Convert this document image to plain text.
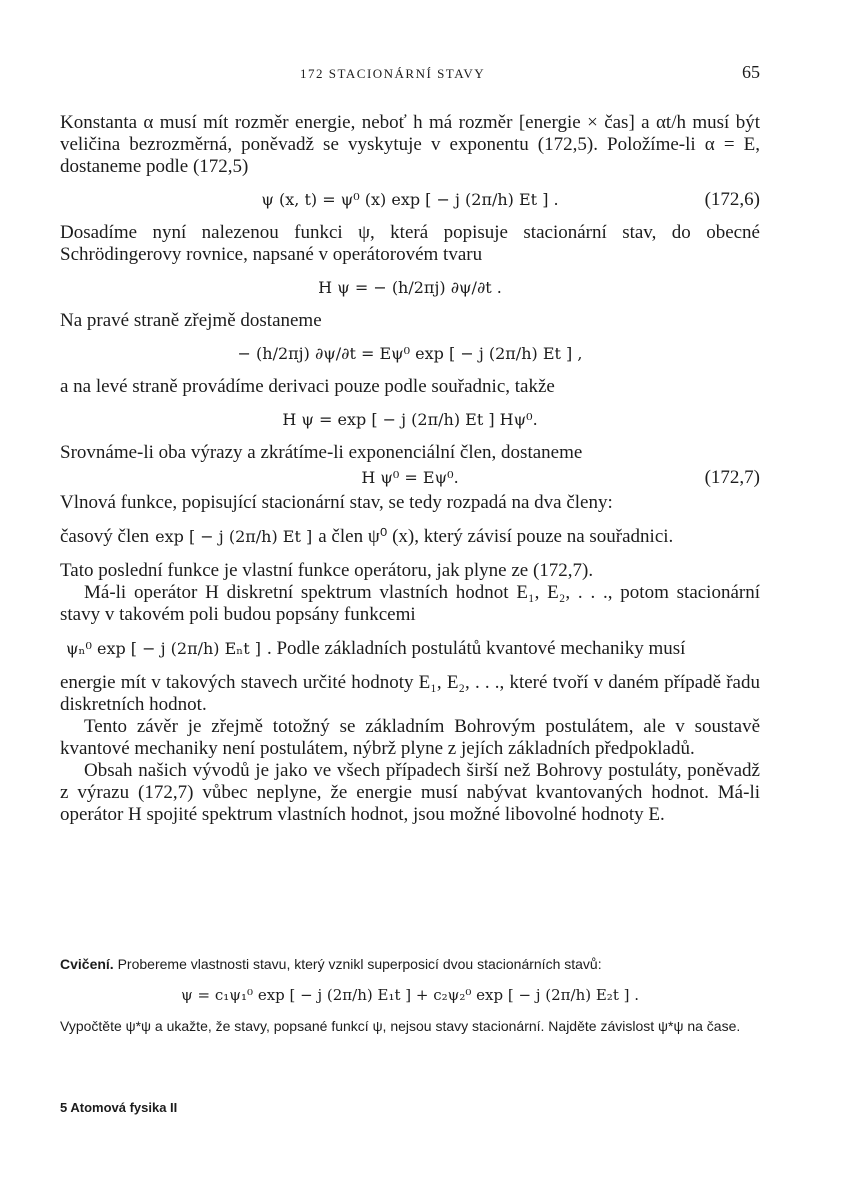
172 STACIONÁRNÍ STAVY	65

Konstanta α musí mít rozměr energie, neboť h má rozměr [energie × čas] a αt/h musí být veličina bezrozměrná, poněvadž se vyskytuje v exponentu (172,5). Položíme-li α = E, dostaneme podle (172,5)

ψ (x, t) = ψ⁰ (x) exp [ − j (2π/h) Et ] .	(172,6)

Dosadíme nyní nalezenou funkci ψ, která popisuje stacionární stav, do obecné Schrödingerovy rovnice, napsané v operátorovém tvaru

H ψ = − (h/2πj) ∂ψ/∂t .

Na pravé straně zřejmě dostaneme

− (h/2πj) ∂ψ/∂t = Eψ⁰ exp [ − j (2π/h) Et ] ,

a na levé straně provádíme derivaci pouze podle souřadnic, takže

H ψ = exp [ − j (2π/h) Et ] Hψ⁰.

Srovnáme-li oba výrazy a zkrátíme-li exponenciální člen, dostaneme

H ψ⁰ = Eψ⁰.	(172,7)

Vlnová funkce, popisující stacionární stav, se tedy rozpadá na dva členy:

časový člen exp [ − j (2π/h) Et ] a člen ψ⁰ (x), který závisí pouze na souřadnici.

Tato poslední funkce je vlastní funkce operátoru, jak plyne ze (172,7).

Má-li operátor H diskretní spektrum vlastních hodnot E₁, E₂, . . ., potom stacionární stavy v takovém poli budou popsány funkcemi

ψₙ⁰ exp [ − j (2π/h) Eₙt ] . Podle základních postulátů kvantové mechaniky musí

energie mít v takových stavech určité hodnoty E₁, E₂, . . ., které tvoří v daném případě řadu diskretních hodnot.

Tento závěr je zřejmě totožný se základním Bohrovým postulátem, ale v soustavě kvantové mechaniky není postulátem, nýbrž plyne z jejích základních předpokladů.

Obsah našich vývodů je jako ve všech případech širší než Bohrovy postuláty, poněvadž z výrazu (172,7) vůbec neplyne, že energie musí nabývat kvantovaných hodnot. Má-li operátor H spojité spektrum vlastních hodnot, jsou možné libovolné hodnoty E.

Cvičení. Probereme vlastnosti stavu, který vznikl superposicí dvou stacionárních stavů:

ψ = c₁ψ₁⁰ exp [ − j (2π/h) E₁t ] + c₂ψ₂⁰ exp [ − j (2π/h) E₂t ] .

Vypočtěte ψ*ψ a ukažte, že stavy, popsané funkcí ψ, nejsou stavy stacionární. Najděte závislost ψ*ψ na čase.

5 Atomová fysika II
